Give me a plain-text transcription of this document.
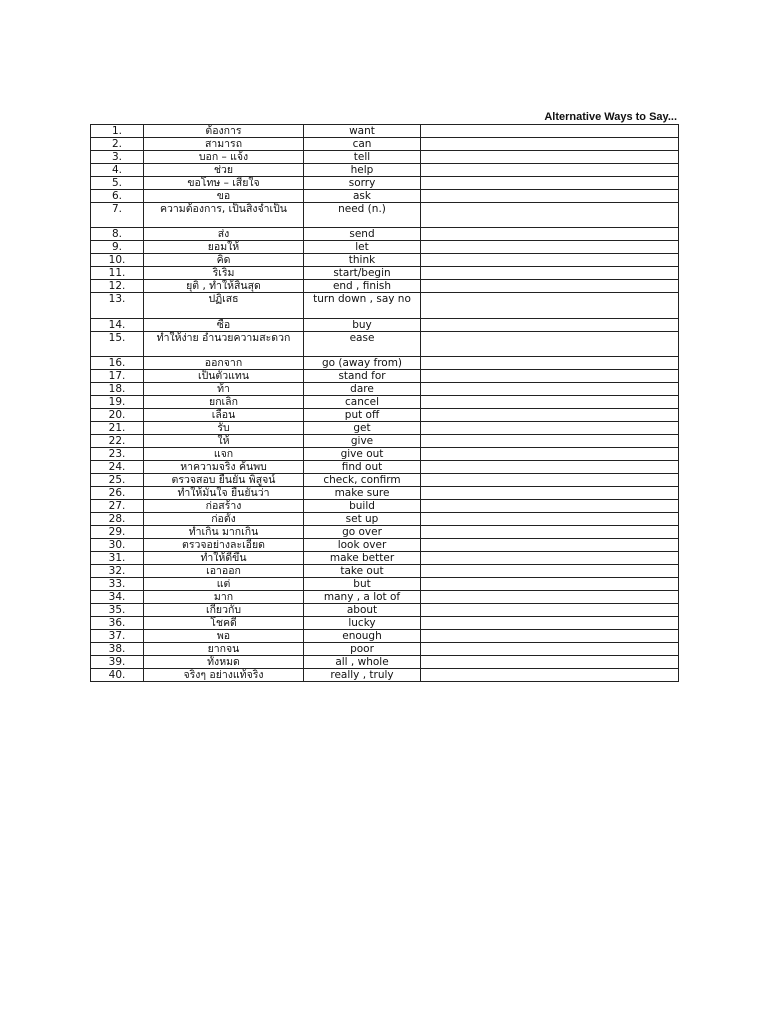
Alternative Ways to Say...
1.	ต้องการ	want	
2.	สามารถ	can	
3.	บอก – แจ้ง	tell	
4.	ช่วย	help	
5.	ขอโทษ – เสียใจ	sorry	
6.	ขอ	ask	
7.	ความต้องการ, เป็นสิ่งจำเป็น	need (n.)	
8.	ส่ง	send	
9.	ยอมให้	let	
10.	คิด	think	
11.	ริเริ่ม	start/begin	
12.	ยุติ , ทำให้สิ้นสุด	end , finish	
13.	ปฏิเสธ	turn down , say no	
14.	ซื้อ	buy	
15.	ทำให้ง่าย อำนวยความสะดวก	ease	
16.	ออกจาก	go (away from)	
17.	เป็นตัวแทน	stand for	
18.	ท้า	dare	
19.	ยกเลิก	cancel	
20.	เลื่อน	put off	
21.	รับ	get	
22.	ให้	give	
23.	แจก	give out	
24.	หาความจริง ค้นพบ	find out	
25.	ตรวจสอบ ยืนยัน พิสูจน์	check, confirm	
26.	ทำให้มั่นใจ ยืนยันว่า	make sure	
27.	ก่อสร้าง	build	
28.	ก่อตั้ง	set up	
29.	ทำเกิน มากเกิน	go over	
30.	ตรวจอย่างละเอียด	look over	
31.	ทำให้ดีขึ้น	make better	
32.	เอาออก	take out	
33.	แต่	but	
34.	มาก	many , a lot of	
35.	เกี่ยวกับ	about	
36.	โชคดี	lucky	
37.	พอ	enough	
38.	ยากจน	poor	
39.	ทั้งหมด	all , whole	
40.	จริงๆ อย่างแท้จริง	really , truly	
